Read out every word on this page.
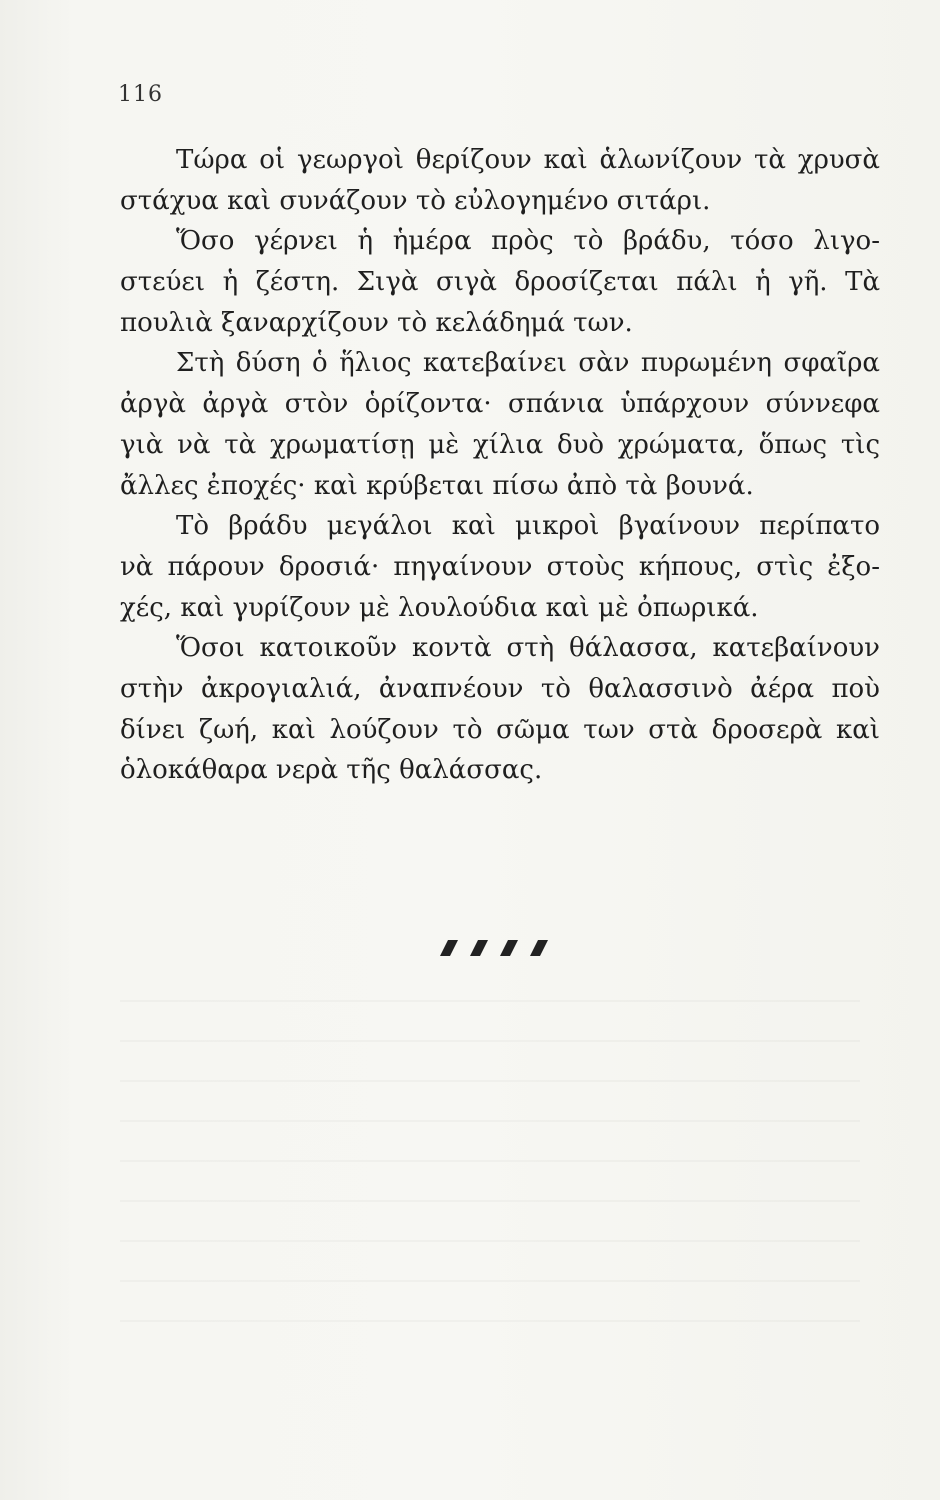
116
Τώρα οἱ γεωργοὶ θερίζουν καὶ ἁλωνίζουν τὰ χρυσὰ
στάχυα καὶ συνάζουν τὸ εὐλογημένο σιτάρι.
Ὅσο γέρνει ἡ ἡμέρα πρὸς τὸ βράδυ, τόσο λιγο-
στεύει ἡ ζέστη. Σιγὰ σιγὰ δροσίζεται πάλι ἡ γῆ. Τὰ
πουλιὰ ξαναρχίζουν τὸ κελάδημά των.
Στὴ δύση ὁ ἥλιος κατεβαίνει σὰν πυρωμένη σφαῖρα
ἀργὰ ἀργὰ στὸν ὁρίζοντα· σπάνια ὑπάρχουν σύννεφα
γιὰ νὰ τὰ χρωματίσῃ μὲ χίλια δυὸ χρώματα, ὅπως τὶς
ἄλλες ἐποχές· καὶ κρύβεται πίσω ἀπὸ τὰ βουνά.
Τὸ βράδυ μεγάλοι καὶ μικροὶ βγαίνουν περίπατο
νὰ πάρουν δροσιά· πηγαίνουν στοὺς κήπους, στὶς ἐξο-
χές, καὶ γυρίζουν μὲ λουλούδια καὶ μὲ ὀπωρικά.
Ὅσοι κατοικοῦν κοντὰ στὴ θάλασσα, κατεβαίνουν
στὴν ἀκρογιαλιά, ἀναπνέουν τὸ θαλασσινὸ ἀέρα ποὺ
δίνει ζωή, καὶ λούζουν τὸ σῶμα των στὰ δροσερὰ καὶ
ὁλοκάθαρα νερὰ τῆς θαλάσσας.
